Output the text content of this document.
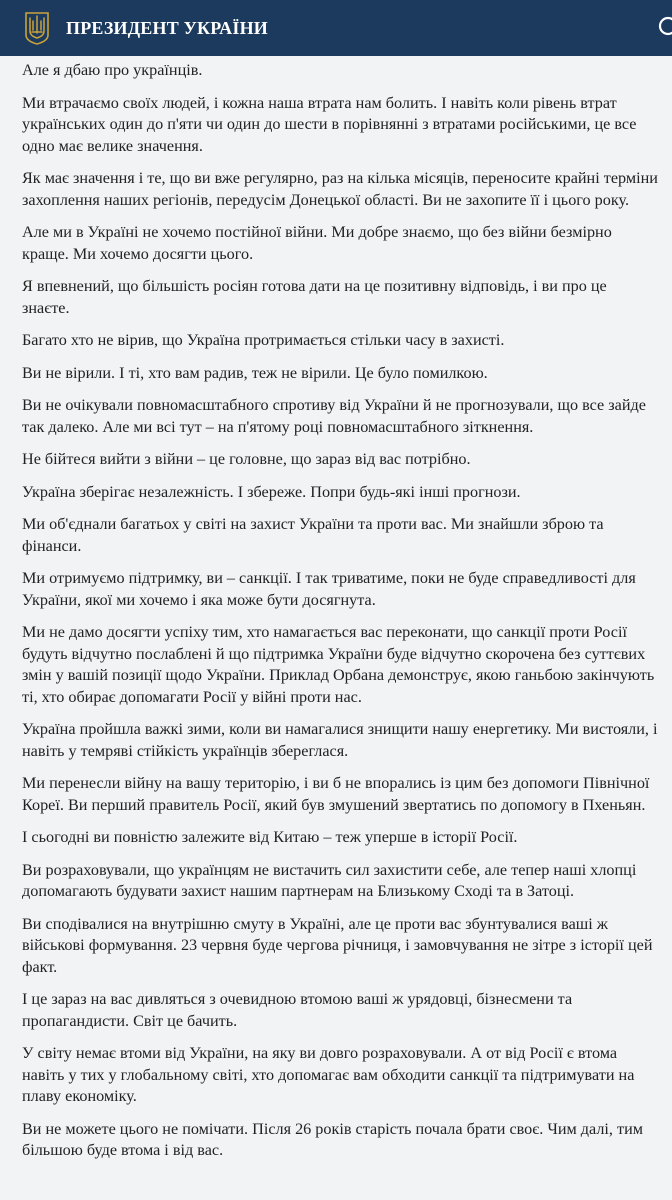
ПРЕЗИДЕНТ УКРАЇНИ

Але я дбаю про українців.

Ми втрачаємо своїх людей, і кожна наша втрата нам болить. І навіть коли рівень втрат українських один до п'яти чи один до шести в порівнянні з втратами російськими, це все одно має велике значення.

Як має значення і те, що ви вже регулярно, раз на кілька місяців, переносите крайні терміни захоплення наших регіонів, передусім Донецької області. Ви не захопите її і цього року.

Але ми в Україні не хочемо постійної війни. Ми добре знаємо, що без війни безмірно краще. Ми хочемо досягти цього.

Я впевнений, що більшість росіян готова дати на це позитивну відповідь, і ви про це знаєте.

Багато хто не вірив, що Україна протримається стільки часу в захисті.

Ви не вірили. І ті, хто вам радив, теж не вірили. Це було помилкою.

Ви не очікували повномасштабного спротиву від України й не прогнозували, що все зайде так далеко. Але ми всі тут – на п'ятому році повномасштабного зіткнення.

Не бійтеся вийти з війни – це головне, що зараз від вас потрібно.

Україна зберігає незалежність. І збереже. Попри будь-які інші прогнози.

Ми об'єднали багатьох у світі на захист України та проти вас. Ми знайшли зброю та фінанси.

Ми отримуємо підтримку, ви – санкції. І так триватиме, поки не буде справедливості для України, якої ми хочемо і яка може бути досягнута.

Ми не дамо досягти успіху тим, хто намагається вас переконати, що санкції проти Росії будуть відчутно послаблені й що підтримка України буде відчутно скорочена без суттєвих змін у вашій позиції щодо України. Приклад Орбана демонструє, якою ганьбою закінчують ті, хто обирає допомагати Росії у війні проти нас.

Україна пройшла важкі зими, коли ви намагалися знищити нашу енергетику. Ми вистояли, і навіть у темряві стійкість українців збереглася.

Ми перенесли війну на вашу територію, і ви б не впорались із цим без допомоги Північної Кореї. Ви перший правитель Росії, який був змушений звертатись по допомогу в Пхеньян.

І сьогодні ви повністю залежите від Китаю – теж уперше в історії Росії.

Ви розраховували, що українцям не вистачить сил захистити себе, але тепер наші хлопці допомагають будувати захист нашим партнерам на Близькому Сході та в Затоці.

Ви сподівалися на внутрішню смуту в Україні, але це проти вас збунтувалися ваші ж військові формування. 23 червня буде чергова річниця, і замовчування не зітре з історії цей факт.

І це зараз на вас дивляться з очевидною втомою ваші ж урядовці, бізнесмени та пропагандисти. Світ це бачить.

У світу немає втоми від України, на яку ви довго розраховували. А от від Росії є втома навіть у тих у глобальному світі, хто допомагає вам обходити санкції та підтримувати на плаву економіку.

Ви не можете цього не помічати. Після 26 років старість почала брати своє. Чим далі, тим більшою буде втома і від вас.
